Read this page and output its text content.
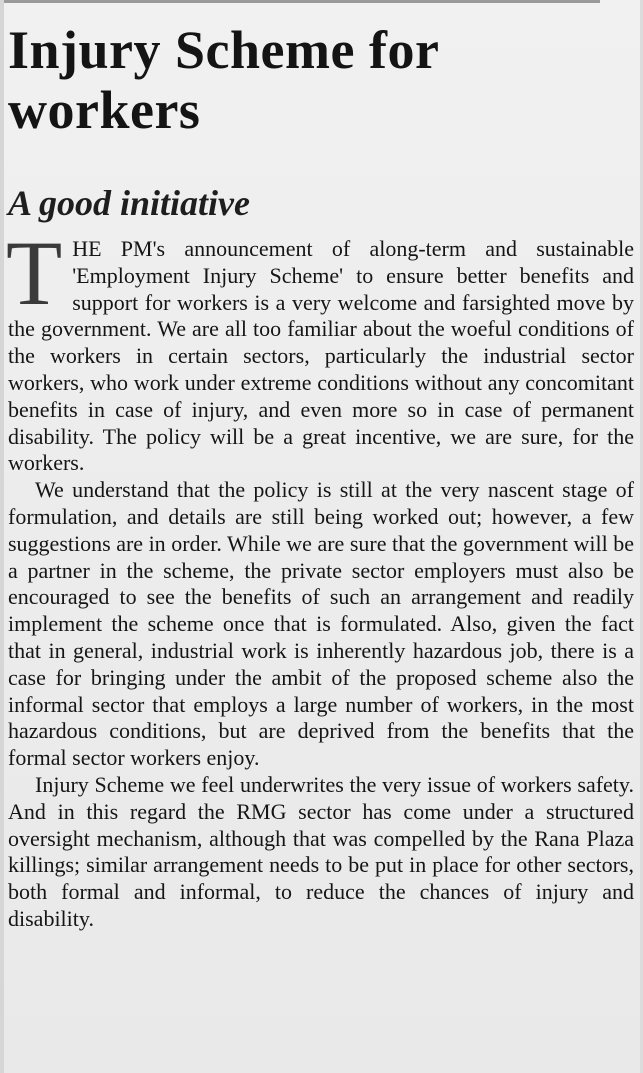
Injury Scheme for workers
A good initiative

THE PM's announcement of along-term and sustainable 'Employment Injury Scheme' to ensure better benefits and support for workers is a very welcome and farsighted move by the government. We are all too familiar about the woeful conditions of the workers in certain sectors, particularly the industrial sector workers, who work under extreme conditions without any concomitant benefits in case of injury, and even more so in case of permanent disability. The policy will be a great incentive, we are sure, for the workers.

We understand that the policy is still at the very nascent stage of formulation, and details are still being worked out; however, a few suggestions are in order. While we are sure that the government will be a partner in the scheme, the private sector employers must also be encouraged to see the benefits of such an arrangement and readily implement the scheme once that is formulated. Also, given the fact that in general, industrial work is inherently hazardous job, there is a case for bringing under the ambit of the proposed scheme also the informal sector that employs a large number of workers, in the most hazardous conditions, but are deprived from the benefits that the formal sector workers enjoy.

Injury Scheme we feel underwrites the very issue of workers safety. And in this regard the RMG sector has come under a structured oversight mechanism, although that was compelled by the Rana Plaza killings; similar arrangement needs to be put in place for other sectors, both formal and informal, to reduce the chances of injury and disability.
